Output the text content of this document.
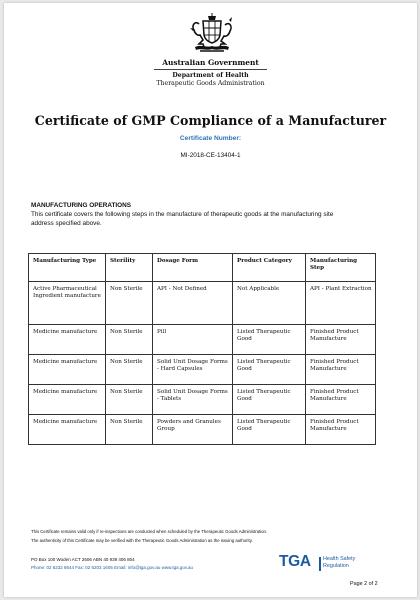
Australian Government
Department of Health
Therapeutic Goods Administration
Certificate of GMP Compliance of a Manufacturer
Certificate Number:
MI-2018-CE-13404-1
MANUFACTURING OPERATIONS
This certificate covers the following steps in the manufacture of therapeutic goods at the manufacturing site address specified above.
Manufacturing Type	Sterility	Dosage Form	Product Category	Manufacturing Step
Active Pharmaceutical Ingredient manufacture	Non Sterile	API - Not Defined	Not Applicable	API - Plant Extraction
Medicine manufacture	Non Sterile	Pill	Listed Therapeutic Good	Finished Product Manufacture
Medicine manufacture	Non Sterile	Solid Unit Dosage Forms - Hard Capsules	Listed Therapeutic Good	Finished Product Manufacture
Medicine manufacture	Non Sterile	Solid Unit Dosage Forms - Tablets	Listed Therapeutic Good	Finished Product Manufacture
Medicine manufacture	Non Sterile	Powders and Granules Group	Listed Therapeutic Good	Finished Product Manufacture
This Certificate remains valid only if re-inspections are conducted when scheduled by the Therapeutic Goods Administration.
The authenticity of this Certificate may be verified with the Therapeutic Goods Administration as the issuing authority.
PO Box 100 Woden ACT 2606 ABN 40 939 406 804
Phone: 02 6232 8644 Fax: 02 6203 1605 Email: info@tga.gov.au www.tga.gov.au	TGA Health Safety
Regulation
Page 2 of 2
